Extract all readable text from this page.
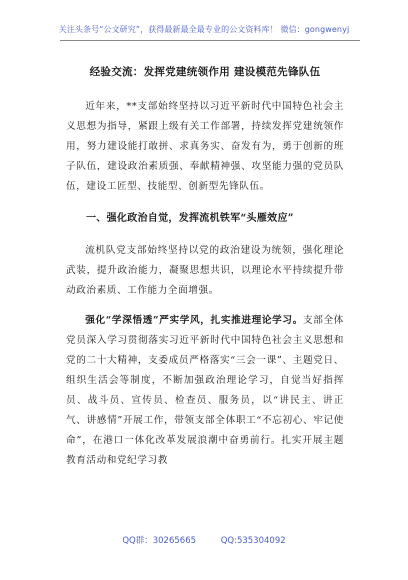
关注头条号“公文研究”，获得最新最全最专业的公文资料库！ 微信：gongwenyj
经验交流：发挥党建统领作用 建设模范先锋队伍

近年来，**支部始终坚持以习近平新时代中国特色社会主义思想为指导，紧跟上级有关工作部署，持续发挥党建统领作用，努力建设能打敢拼、求真务实、奋发有为，勇于创新的班子队伍，建设政治素质强、奉献精神强、攻坚能力强的党员队伍，建设工匠型、技能型、创新型先锋队伍。

一、强化政治自觉，发挥流机铁军“头雁效应”

流机队党支部始终坚持以党的政治建设为统领，强化理论武装，提升政治能力，凝聚思想共识，以理论水平持续提升带动政治素质、工作能力全面增强。

强化“学深悟透”严实学风，扎实推进理论学习。支部全体党员深入学习贯彻落实习近平新时代中国特色社会主义思想和党的二十大精神，支委成员严格落实“三会一课”、主题党日、组织生活会等制度，不断加强政治理论学习，自觉当好指挥员、战斗员、宣传员、检查员、服务员，以“讲民主、讲正气、讲感情”开展工作，带领支部全体职工“不忘初心、牢记使命”，在港口一体化改革发展浪潮中奋勇前行。扎实开展主题教育活动和党纪学习教

QQ群：30265665	QQ:535304092
